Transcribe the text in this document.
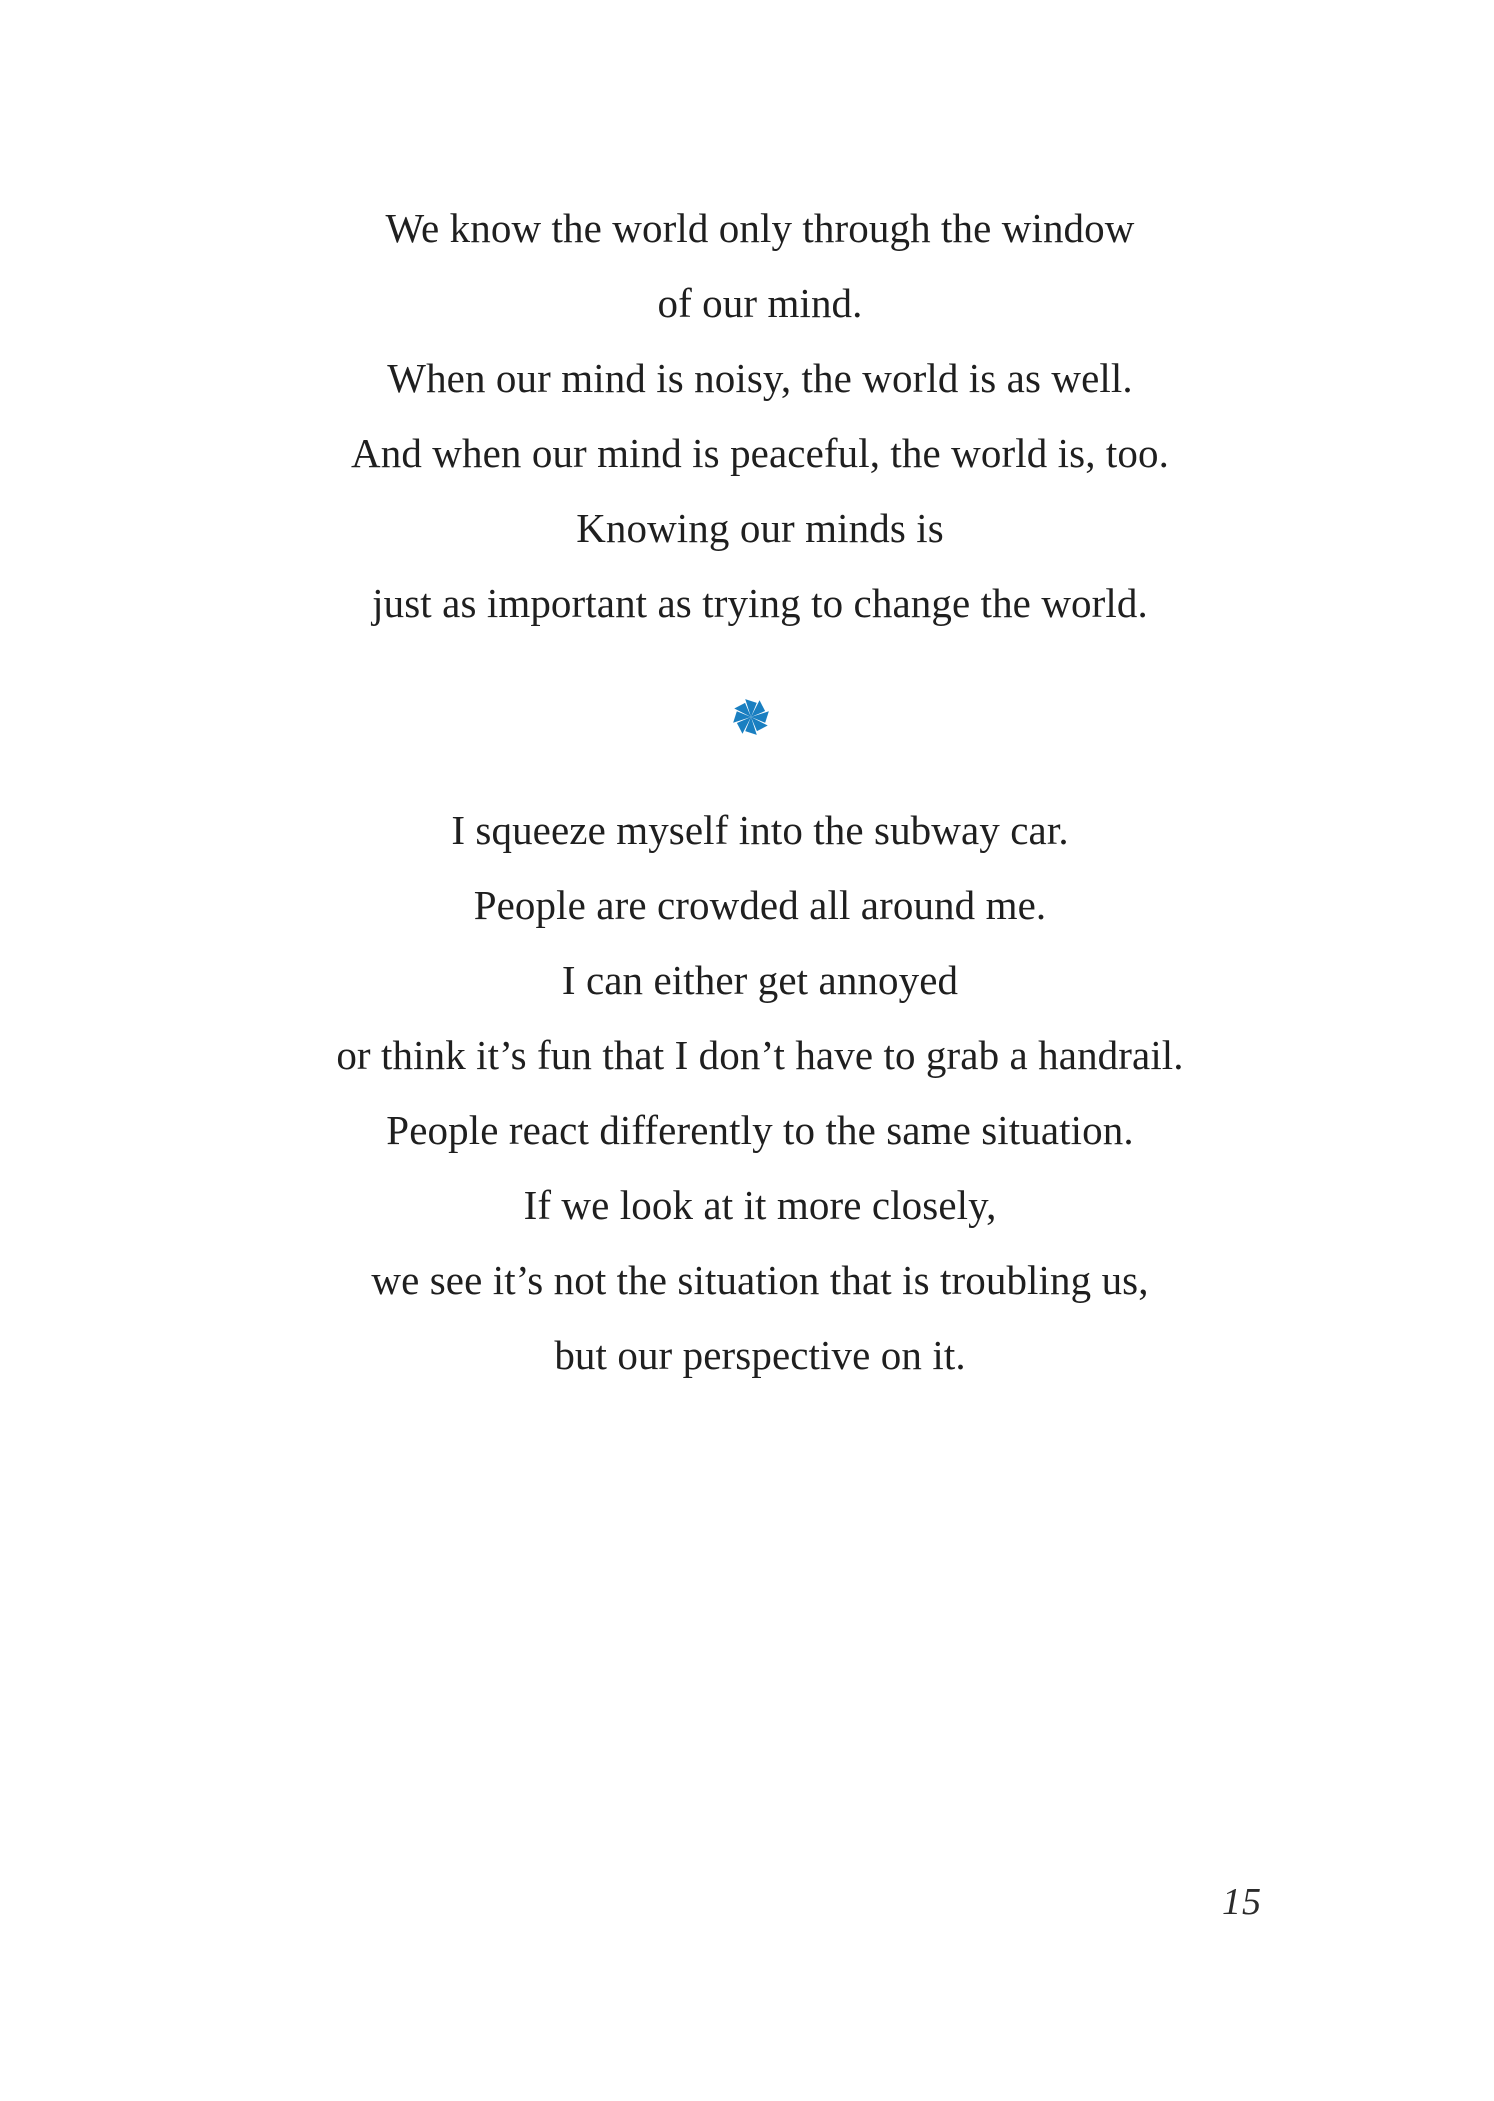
We know the world only through the window

of our mind.

When our mind is noisy, the world is as well.

And when our mind is peaceful, the world is, too.

Knowing our minds is

just as important as trying to change the world.

I squeeze myself into the subway car.

People are crowded all around me.

I can either get annoyed

or think it’s fun that I don’t have to grab a handrail.

People react differently to the same situation.

If we look at it more closely,

we see it’s not the situation that is troubling us,

but our perspective on it.

15
